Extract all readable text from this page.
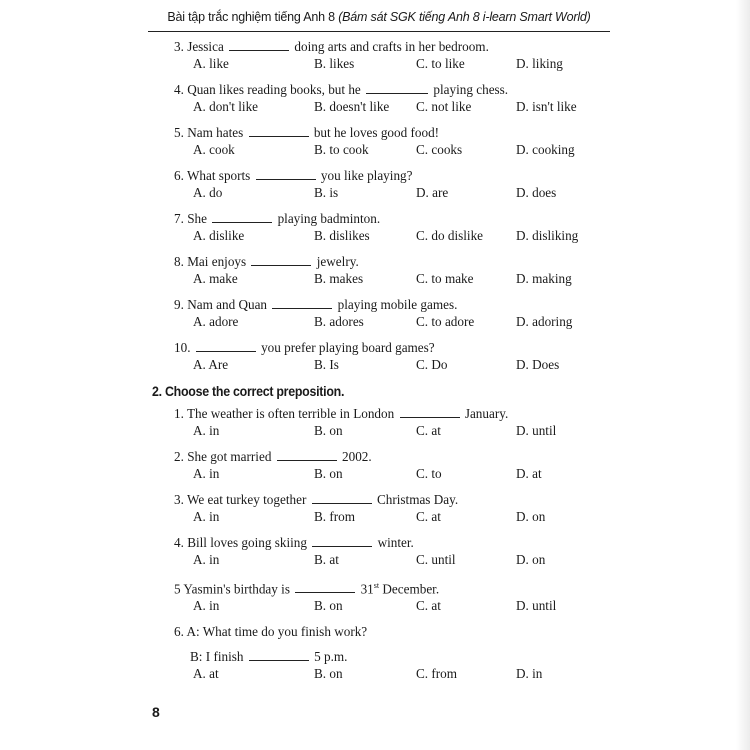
Bài tập trắc nghiệm tiếng Anh 8 (Bám sát SGK tiếng Anh 8 i-learn Smart World)
3. Jessica	doing arts and crafts in her bedroom.
A. like	B. likes	C. to like	D. liking
4. Quan likes reading books, but he	playing chess.
A. don't like	B. doesn't like C. not like	D. isn't like
5. Nam hates	but he loves good food!
A. cook	B. to cook	C. cooks	D. cooking
6. What sports	you like playing?
A. do	B. is	D. are	D. does
7. She	playing badminton.
A. dislike	B. dislikes	C. do dislike D. disliking
8. Mai enjoys	jewelry.
A. make	B. makes	C. to make	D. making
9. Nam and Quan	playing mobile games.
A. adore	B. adores	C. to adore	D. adoring
10.	you prefer playing board games?
A. Are	B. Is	C. Do	D. Does
2. Choose the correct preposition.
1. The weather is often terrible in London	January.
A. in	B. on	C. at	D. until
2. She got married	2002.
A. in	B. on	C. to	D. at
3. We eat turkey together	Christmas Day.
A. in	B. from	C. at	D. on
4. Bill loves going skiing	winter.
A. in	B. at	C. until	D. on
5 Yasmin's birthday is	31st December.
A. in	B. on	C. at	D. until
6. A: What time do you finish work?
B: I finish	5 p.m.
A. at	B. on	C. from	D. in
8
